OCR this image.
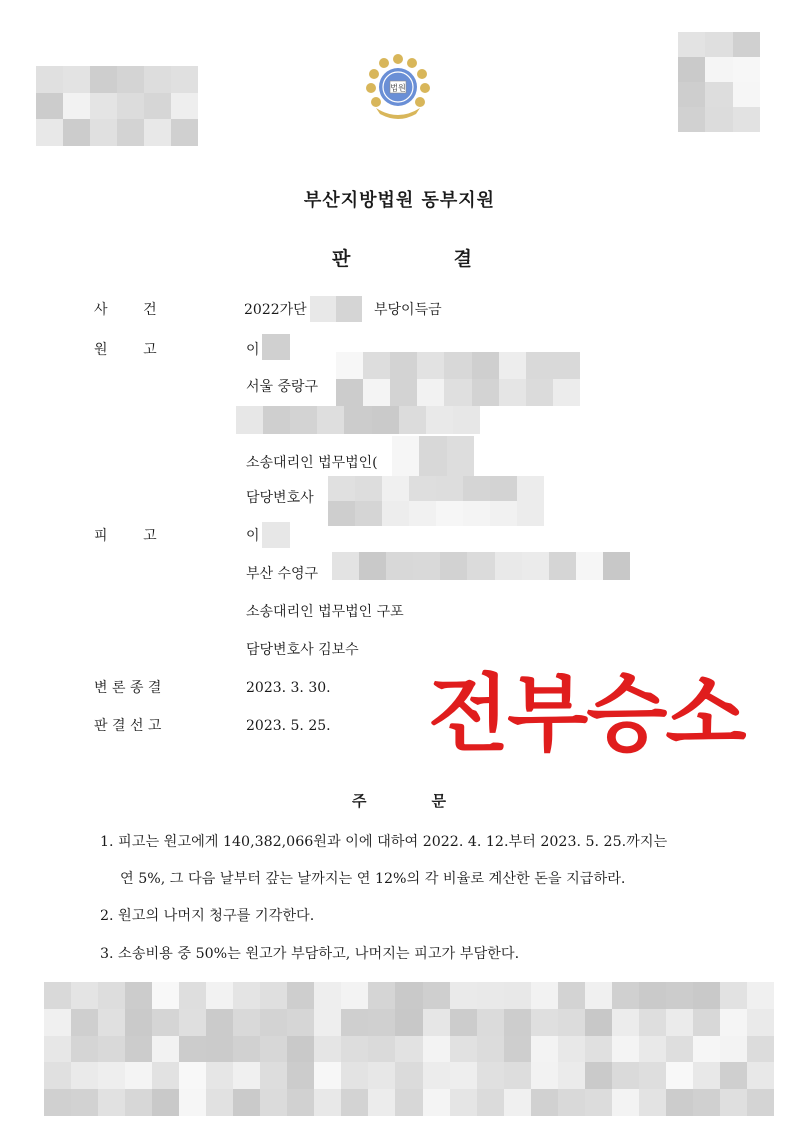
법원
부산지방법원 동부지원
판	결
사        건	2022가단	부당이득금
원        고	이
서울 중랑구
소송대리인 법무법인(
담당변호사
피        고	이
부산 수영구
소송대리인 법무법인 구포
담당변호사 김보수
변 론 종 결	2023. 3. 30.
판 결 선 고	2023. 5. 25. 전부승소
주	문
1. 피고는 원고에게 140,382,066원과 이에 대하여 2022. 4. 12.부터 2023. 5. 25.까지는
연 5%, 그 다음 날부터 갚는 날까지는 연 12%의 각 비율로 계산한 돈을 지급하라.
2. 원고의 나머지 청구를 기각한다.
3. 소송비용 중 50%는 원고가 부담하고, 나머지는 피고가 부담한다.
